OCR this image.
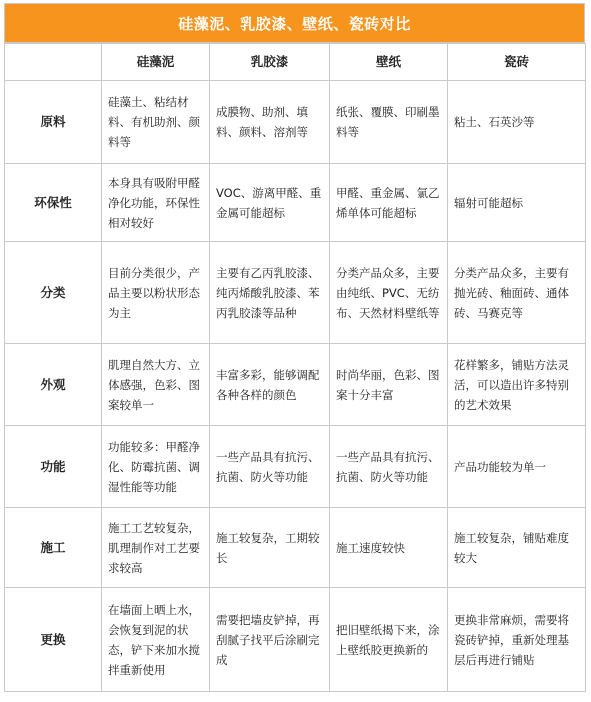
硅藻泥、乳胶漆、壁纸、瓷砖对比
	硅藻泥	乳胶漆	壁纸	瓷砖
原料	硅藻土、粘结材料、有机助剂、颜料等	成膜物、助剂、填料、颜料、溶剂等	纸张、覆膜、印刷墨料等	粘土、石英沙等
环保性	本身具有吸附甲醛净化功能，环保性相对较好	VOC、游离甲醛、重金属可能超标	甲醛、重金属、氯乙烯单体可能超标	辐射可能超标
分类	目前分类很少，产品主要以粉状形态为主	主要有乙丙乳胶漆、纯丙烯酸乳胶漆、苯丙乳胶漆等品种	分类产品众多，主要由纯纸、PVC、无纺布、天然材料壁纸等	分类产品众多，主要有抛光砖、釉面砖、通体砖、马赛克等
外观	肌理自然大方、立体感强，色彩、图案较单一	丰富多彩，能够调配各种各样的颜色	时尚华丽，色彩、图案十分丰富	花样繁多，铺贴方法灵活，可以造出许多特别的艺术效果
功能	功能较多：甲醛净化、防霉抗菌、调湿性能等功能	一些产品具有抗污、抗菌、防火等功能	一些产品具有抗污、抗菌、防火等功能	产品功能较为单一
施工	施工工艺较复杂，肌理制作对工艺要求较高	施工较复杂，工期较长	施工速度较快	施工较复杂，铺贴难度较大
更换	在墙面上晒上水，会恢复到泥的状态，铲下来加水搅拌重新使用	需要把墙皮铲掉，再刮腻子找平后涂刷完成	把旧壁纸揭下来，涂上壁纸胶更换新的	更换非常麻烦，需要将瓷砖铲掉，重新处理基层后再进行铺贴
